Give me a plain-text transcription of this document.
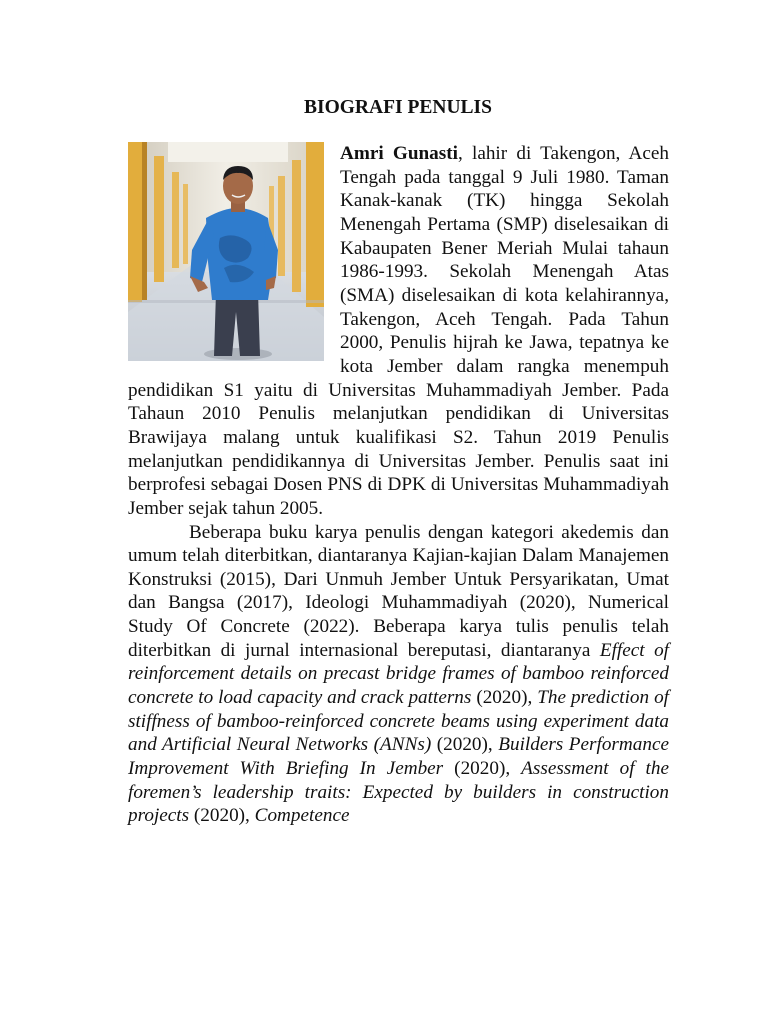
BIOGRAFI PENULIS

Amri Gunasti, lahir di Takengon, Aceh Tengah pada tanggal 9 Juli 1980. Taman Kanak-kanak (TK) hingga Sekolah Menengah Pertama (SMP) diselesaikan di Kabaupaten Bener Meriah Mulai tahaun 1986-1993. Sekolah Menengah Atas (SMA) diselesaikan di kota kelahirannya, Takengon, Aceh Tengah. Pada Tahun 2000, Penulis hijrah ke Jawa, tepatnya ke kota Jember dalam rangka menempuh pendidikan S1 yaitu di Universitas Muhammadiyah Jember. Pada Tahaun 2010 Penulis melanjutkan pendidikan di Universitas Brawijaya malang untuk kualifikasi S2. Tahun 2019 Penulis melanjutkan pendidikannya di Universitas Jember. Penulis saat ini berprofesi sebagai Dosen PNS di DPK di Universitas Muhammadiyah Jember sejak tahun 2005.

Beberapa buku karya penulis dengan kategori akedemis dan umum telah diterbitkan, diantaranya Kajian-kajian Dalam Manajemen Konstruksi (2015), Dari Unmuh Jember Untuk Persyarikatan, Umat dan Bangsa (2017), Ideologi Muhammadiyah (2020), Numerical Study Of Concrete (2022). Beberapa karya tulis penulis telah diterbitkan di jurnal internasional bereputasi, diantaranya Effect of reinforcement details on precast bridge frames of bamboo reinforced concrete to load capacity and crack patterns (2020), The prediction of stiffness of bamboo-reinforced concrete beams using experiment data and Artificial Neural Networks (ANNs) (2020), Builders Performance Improvement With Briefing In Jember (2020), Assessment of the foremen’s leadership traits: Expected by builders in construction projects (2020), Competence
